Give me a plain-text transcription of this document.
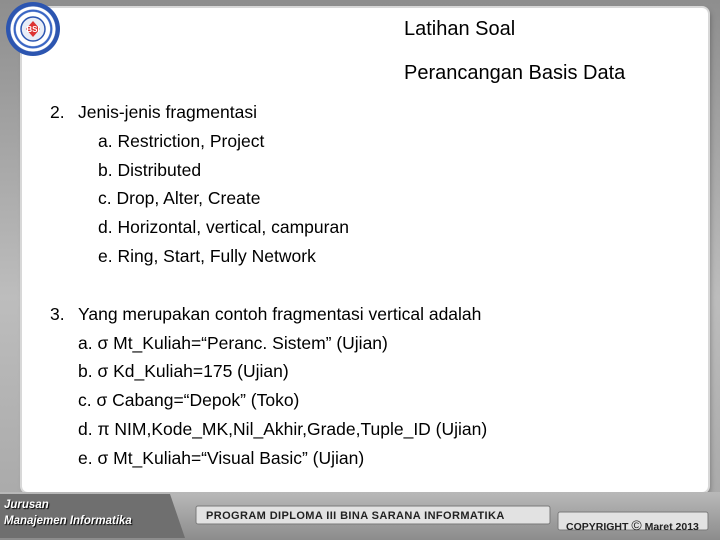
BSI	Latihan Soal
Perancangan Basis Data
2. Jenis-jenis fragmentasi
a. Restriction, Project
b. Distributed
c. Drop, Alter, Create
d. Horizontal, vertical, campuran
e. Ring, Start, Fully Network
3. Yang merupakan contoh fragmentasi vertical adalah
a. σ Mt_Kuliah=“Peranc. Sistem” (Ujian)
b. σ Kd_Kuliah=175 (Ujian)
c. σ Cabang=“Depok” (Toko)
d. π NIM,Kode_MK,Nil_Akhir,Grade,Tuple_ID (Ujian)
e. σ Mt_Kuliah=“Visual Basic” (Ujian)
Jurusan
Manajemen Informatika	PROGRAM DIPLOMA III BINA SARANA INFORMATIKA
COPYRIGHT © Maret 2013
